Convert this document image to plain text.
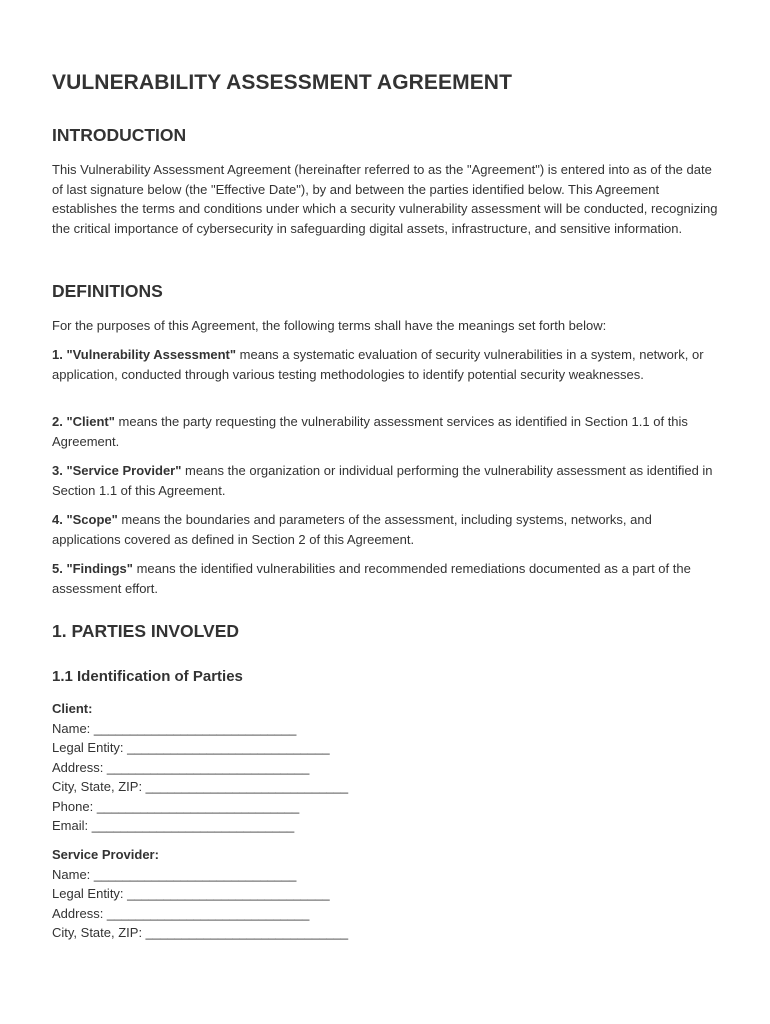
VULNERABILITY ASSESSMENT AGREEMENT
INTRODUCTION

This Vulnerability Assessment Agreement (hereinafter referred to as the "Agreement") is entered into as of the date of last signature below (the "Effective Date"), by and between the parties identified below. This Agreement establishes the terms and conditions under which a security vulnerability assessment will be conducted, recognizing the critical importance of cybersecurity in safeguarding digital assets, infrastructure, and sensitive information.

DEFINITIONS

For the purposes of this Agreement, the following terms shall have the meanings set forth below:

1. "Vulnerability Assessment" means a systematic evaluation of security vulnerabilities in a system, network, or application, conducted through various testing methodologies to identify potential security weaknesses.

2. "Client" means the party requesting the vulnerability assessment services as identified in Section 1.1 of this Agreement.

3. "Service Provider" means the organization or individual performing the vulnerability assessment as identified in Section 1.1 of this Agreement.

4. "Scope" means the boundaries and parameters of the assessment, including systems, networks, and applications covered as defined in Section 2 of this Agreement.

5. "Findings" means the identified vulnerabilities and recommended remediations documented as a part of the assessment effort.

1. PARTIES INVOLVED
1.1 Identification of Parties
Client:
Name: ____________________________
Legal Entity: ____________________________
Address: ____________________________
City, State, ZIP: ____________________________
Phone: ____________________________
Email: ____________________________
Service Provider:
Name: ____________________________
Legal Entity: ____________________________
Address: ____________________________
City, State, ZIP: ____________________________
